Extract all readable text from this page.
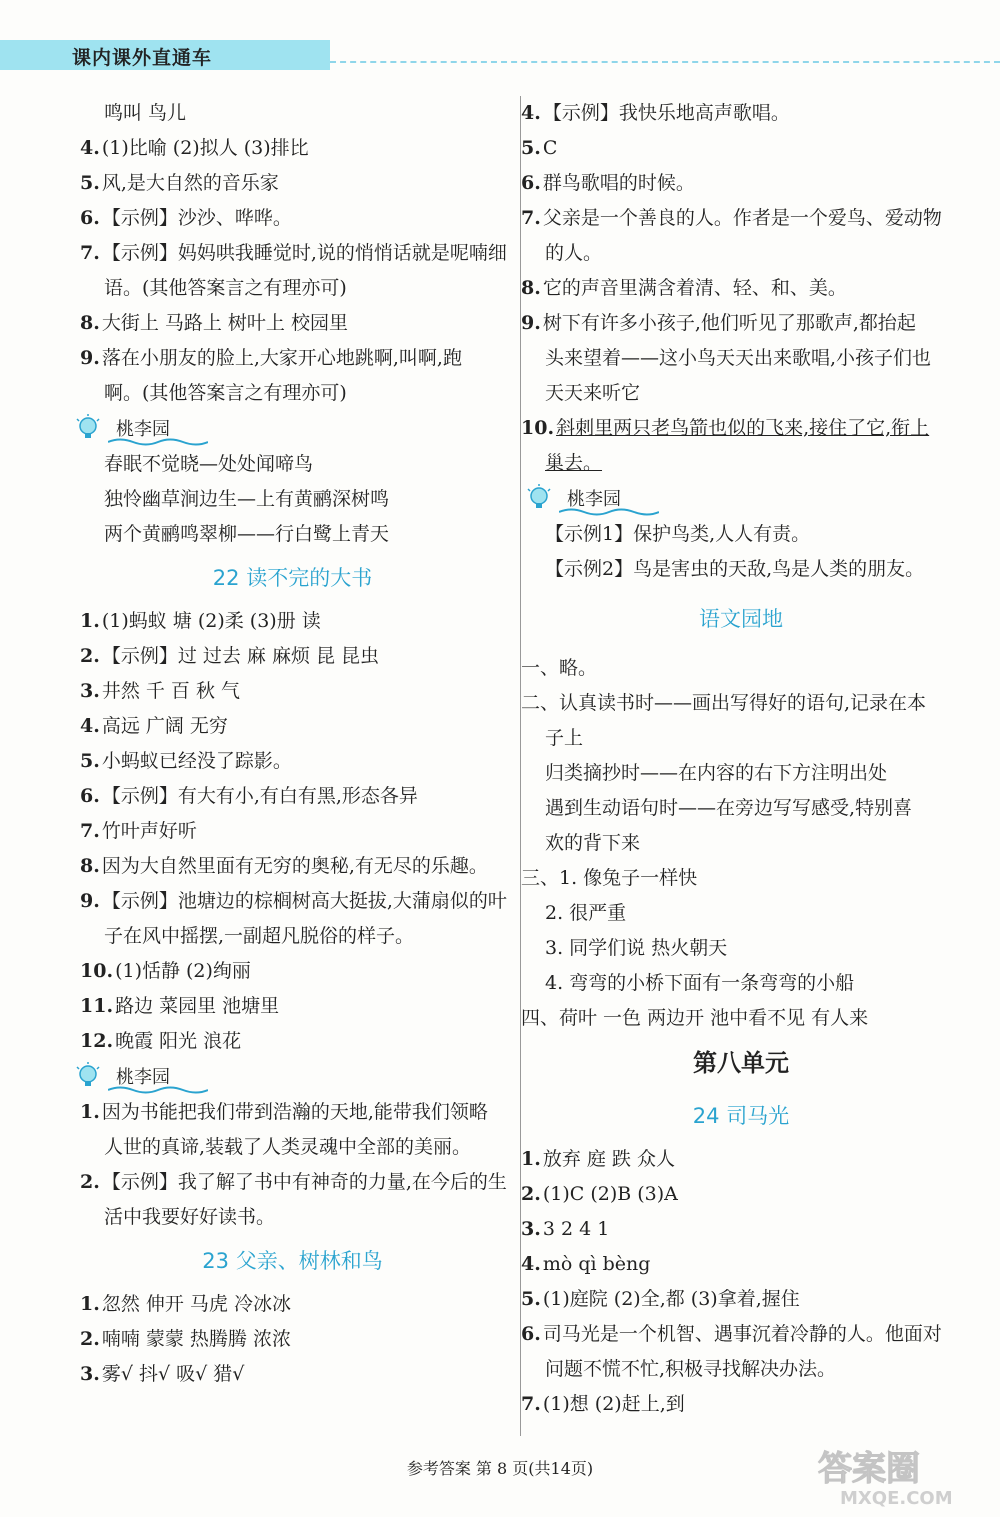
课内课外直通车
鸣叫 鸟儿
4. (1)比喻 (2)拟人 (3)排比
5. 风,是大自然的音乐家
6. 【示例】沙沙、哗哗。
7. 【示例】妈妈哄我睡觉时,说的悄悄话就是呢喃细
语。(其他答案言之有理亦可)
8. 大街上 马路上 树叶上 校园里
9. 落在小朋友的脸上,大家开心地跳啊,叫啊,跑
啊。(其他答案言之有理亦可)
桃李园
春眠不觉晓—处处闻啼鸟
独怜幽草涧边生—上有黄鹂深树鸣
两个黄鹂鸣翠柳——行白鹭上青天
22 读不完的大书
1. (1)蚂蚁 塘 (2)柔 (3)册 读
2. 【示例】过 过去 麻 麻烦 昆 昆虫
3. 井然 千 百 秋 气
4. 高远 广阔 无穷
5. 小蚂蚁已经没了踪影。
6. 【示例】有大有小,有白有黑,形态各异
7. 竹叶声好听
8. 因为大自然里面有无穷的奥秘,有无尽的乐趣。
9. 【示例】池塘边的棕榈树高大挺拔,大蒲扇似的叶
子在风中摇摆,一副超凡脱俗的样子。
10. (1)恬静 (2)绚丽
11. 路边 菜园里 池塘里
12. 晚霞 阳光 浪花
桃李园
1. 因为书能把我们带到浩瀚的天地,能带我们领略
人世的真谛,装载了人类灵魂中全部的美丽。
2. 【示例】我了解了书中有神奇的力量,在今后的生
活中我要好好读书。
23 父亲、树林和鸟
1. 忽然 伸开 马虎 冷冰冰
2. 喃喃 蒙蒙 热腾腾 浓浓
3. 雾√ 抖√ 吸√ 猎√
4. 【示例】我快乐地高声歌唱。
5. C
6. 群鸟歌唱的时候。
7. 父亲是一个善良的人。作者是一个爱鸟、爱动物
的人。
8. 它的声音里满含着清、轻、和、美。
9. 树下有许多小孩子,他们听见了那歌声,都抬起
头来望着——这小鸟天天出来歌唱,小孩子们也
天天来听它
10. 斜刺里两只老鸟箭也似的飞来,接住了它,衔上
巢去。
桃李园
【示例1】保护鸟类,人人有责。
【示例2】鸟是害虫的天敌,鸟是人类的朋友。
语文园地
一、略。
二、认真读书时——画出写得好的语句,记录在本
子上
归类摘抄时——在内容的右下方注明出处
遇到生动语句时——在旁边写写感受,特别喜
欢的背下来
三、1. 像兔子一样快
2. 很严重
3. 同学们说 热火朝天
4. 弯弯的小桥下面有一条弯弯的小船
四、荷叶 一色 两边开 池中看不见 有人来
第八单元
24 司马光
1. 放弃 庭 跌 众人
2. (1)C (2)B (3)A
3. 3 2 4 1
4. mò qì bèng
5. (1)庭院 (2)全,都 (3)拿着,握住
6. 司马光是一个机智、遇事沉着冷静的人。他面对
问题不慌不忙,积极寻找解决办法。
7. (1)想 (2)赶上,到
参考答案 第 8 页(共14页)	答案圈
MXQE.COM
